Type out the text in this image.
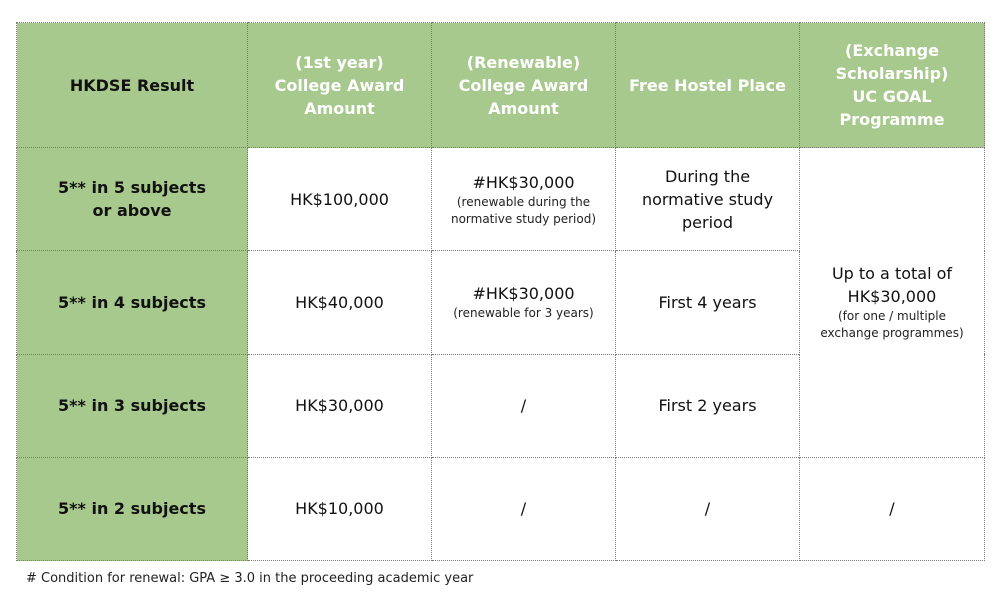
HKDSE Result	(1st year)
College Award
Amount	(Renewable)
College Award
Amount	Free Hostel Place	(Exchange
Scholarship)
UC GOAL
Programme

5** in 5 subjects
or above	HK$100,000	#HK$30,000
(renewable during the
normative study period)	During the
normative study
period	Up to a total of
HK$30,000
(for one / multiple
exchange programmes)

5** in 4 subjects	HK$40,000	#HK$30,000
(renewable for 3 years)	First 4 years	
5** in 3 subjects	HK$30,000	/	First 2 years	
5** in 2 subjects	HK$10,000	/	/	/
# Condition for renewal: GPA ≥ 3.0 in the proceeding academic year
